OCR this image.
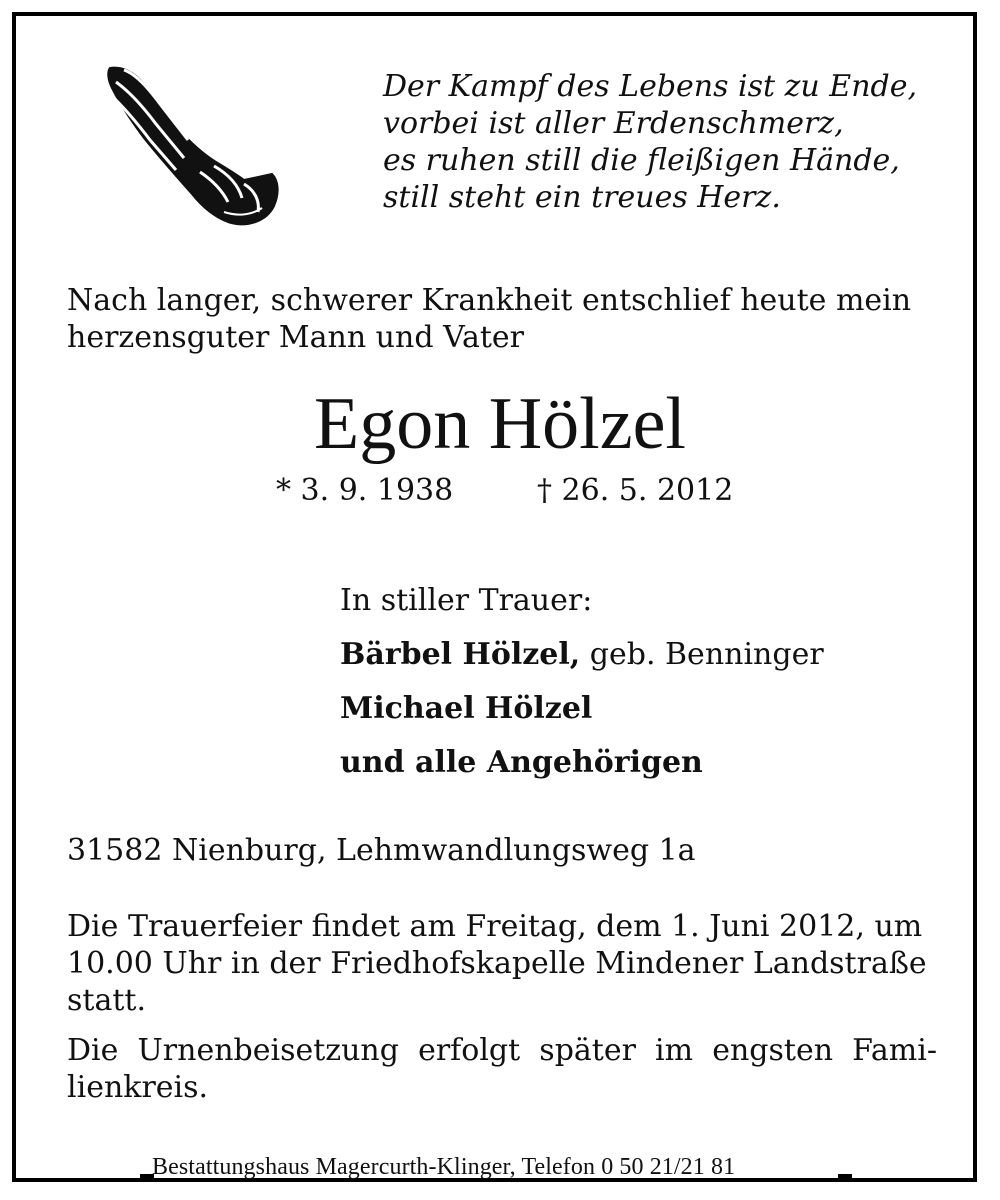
Der Kampf des Lebens ist zu Ende,
vorbei ist aller Erdenschmerz,
es ruhen still die fleißigen Hände,
still steht ein treues Herz.
Nach langer, schwerer Krankheit entschlief heute mein herzensguter Mann und Vater
Egon Hölzel
* 3. 9. 1938	† 26. 5. 2012
In stiller Trauer:
Bärbel Hölzel, geb. Benninger
Michael Hölzel
und alle Angehörigen
31582 Nienburg, Lehmwandlungsweg 1a
Die Trauerfeier findet am Freitag, dem 1. Juni 2012, um 10.00 Uhr in der Friedhofskapelle Mindener Landstraße statt.
Die Urnenbeisetzung erfolgt später im engsten Fami-lienkreis.
Bestattungshaus Magercurth-Klinger, Telefon 0 50 21/21 81
